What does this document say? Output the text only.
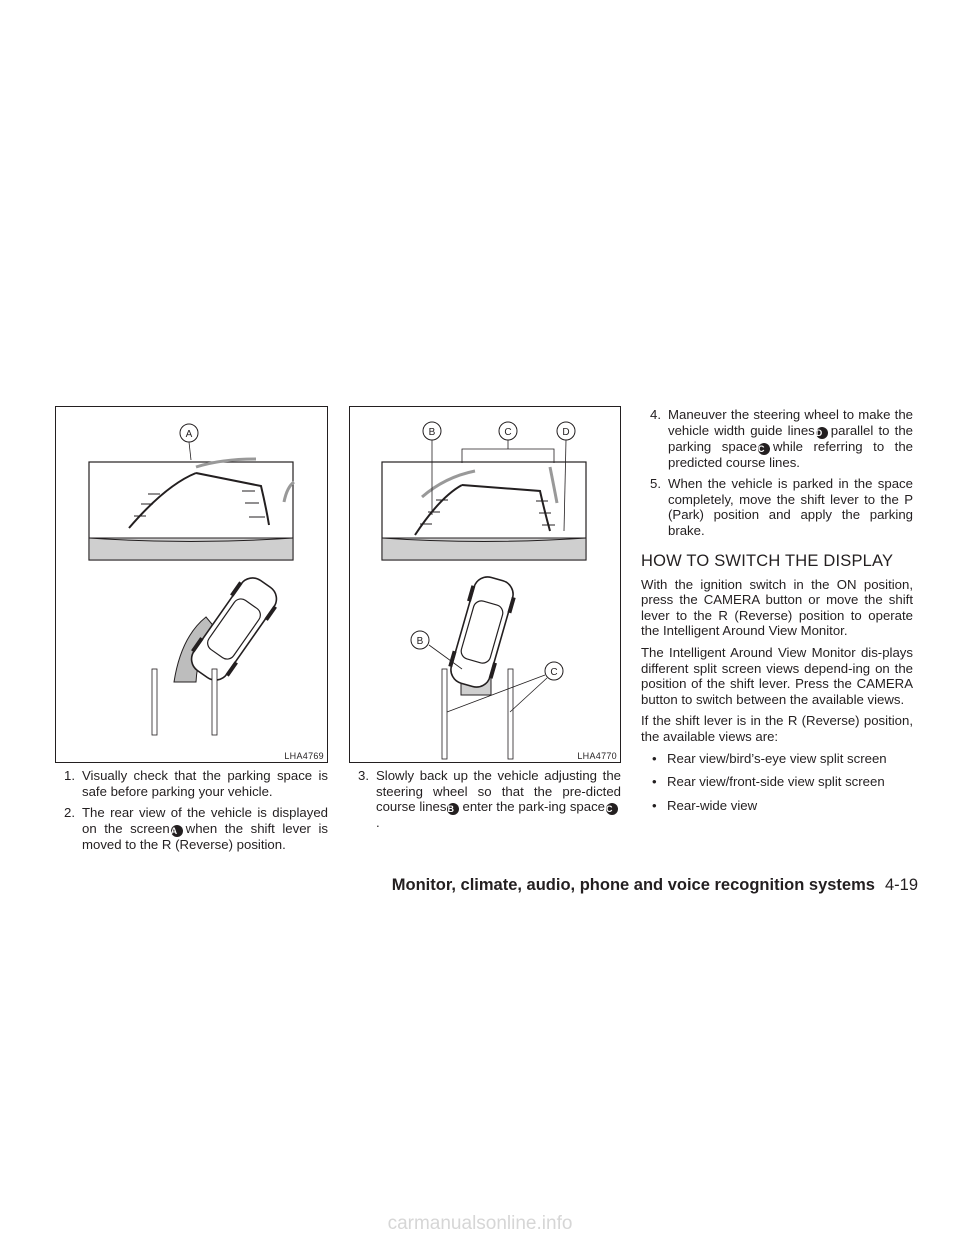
A
LHA4769
B	C	D
B
C
LHA4770
1. Visually check that the parking space is safe before parking your vehicle.
2. The rear view of the vehicle is displayed on the screenA when the shift lever is moved to the R (Reverse) position.
3. Slowly back up the vehicle adjusting the steering wheel so that the pre-dicted course linesB enter the park-ing spaceC.
4. Maneuver the steering wheel to make the vehicle width guide linesD parallel to the parking spaceC while referring to the predicted course lines.
5. When the vehicle is parked in the space completely, move the shift lever to the P (Park) position and apply the parking brake.
HOW TO SWITCH THE DISPLAY

With the ignition switch in the ON position, press the CAMERA button or move the shift lever to the R (Reverse) position to operate the Intelligent Around View Monitor.

The Intelligent Around View Monitor dis-plays different split screen views depend-ing on the position of the shift lever. Press the CAMERA button to switch between the available views.

If the shift lever is in the R (Reverse) position, the available views are:

• Rear view/bird’s-eye view split screen
• Rear view/front-side view split screen
• Rear-wide view
Monitor, climate, audio, phone and voice recognition systems 4-19
carmanualsonline.info
